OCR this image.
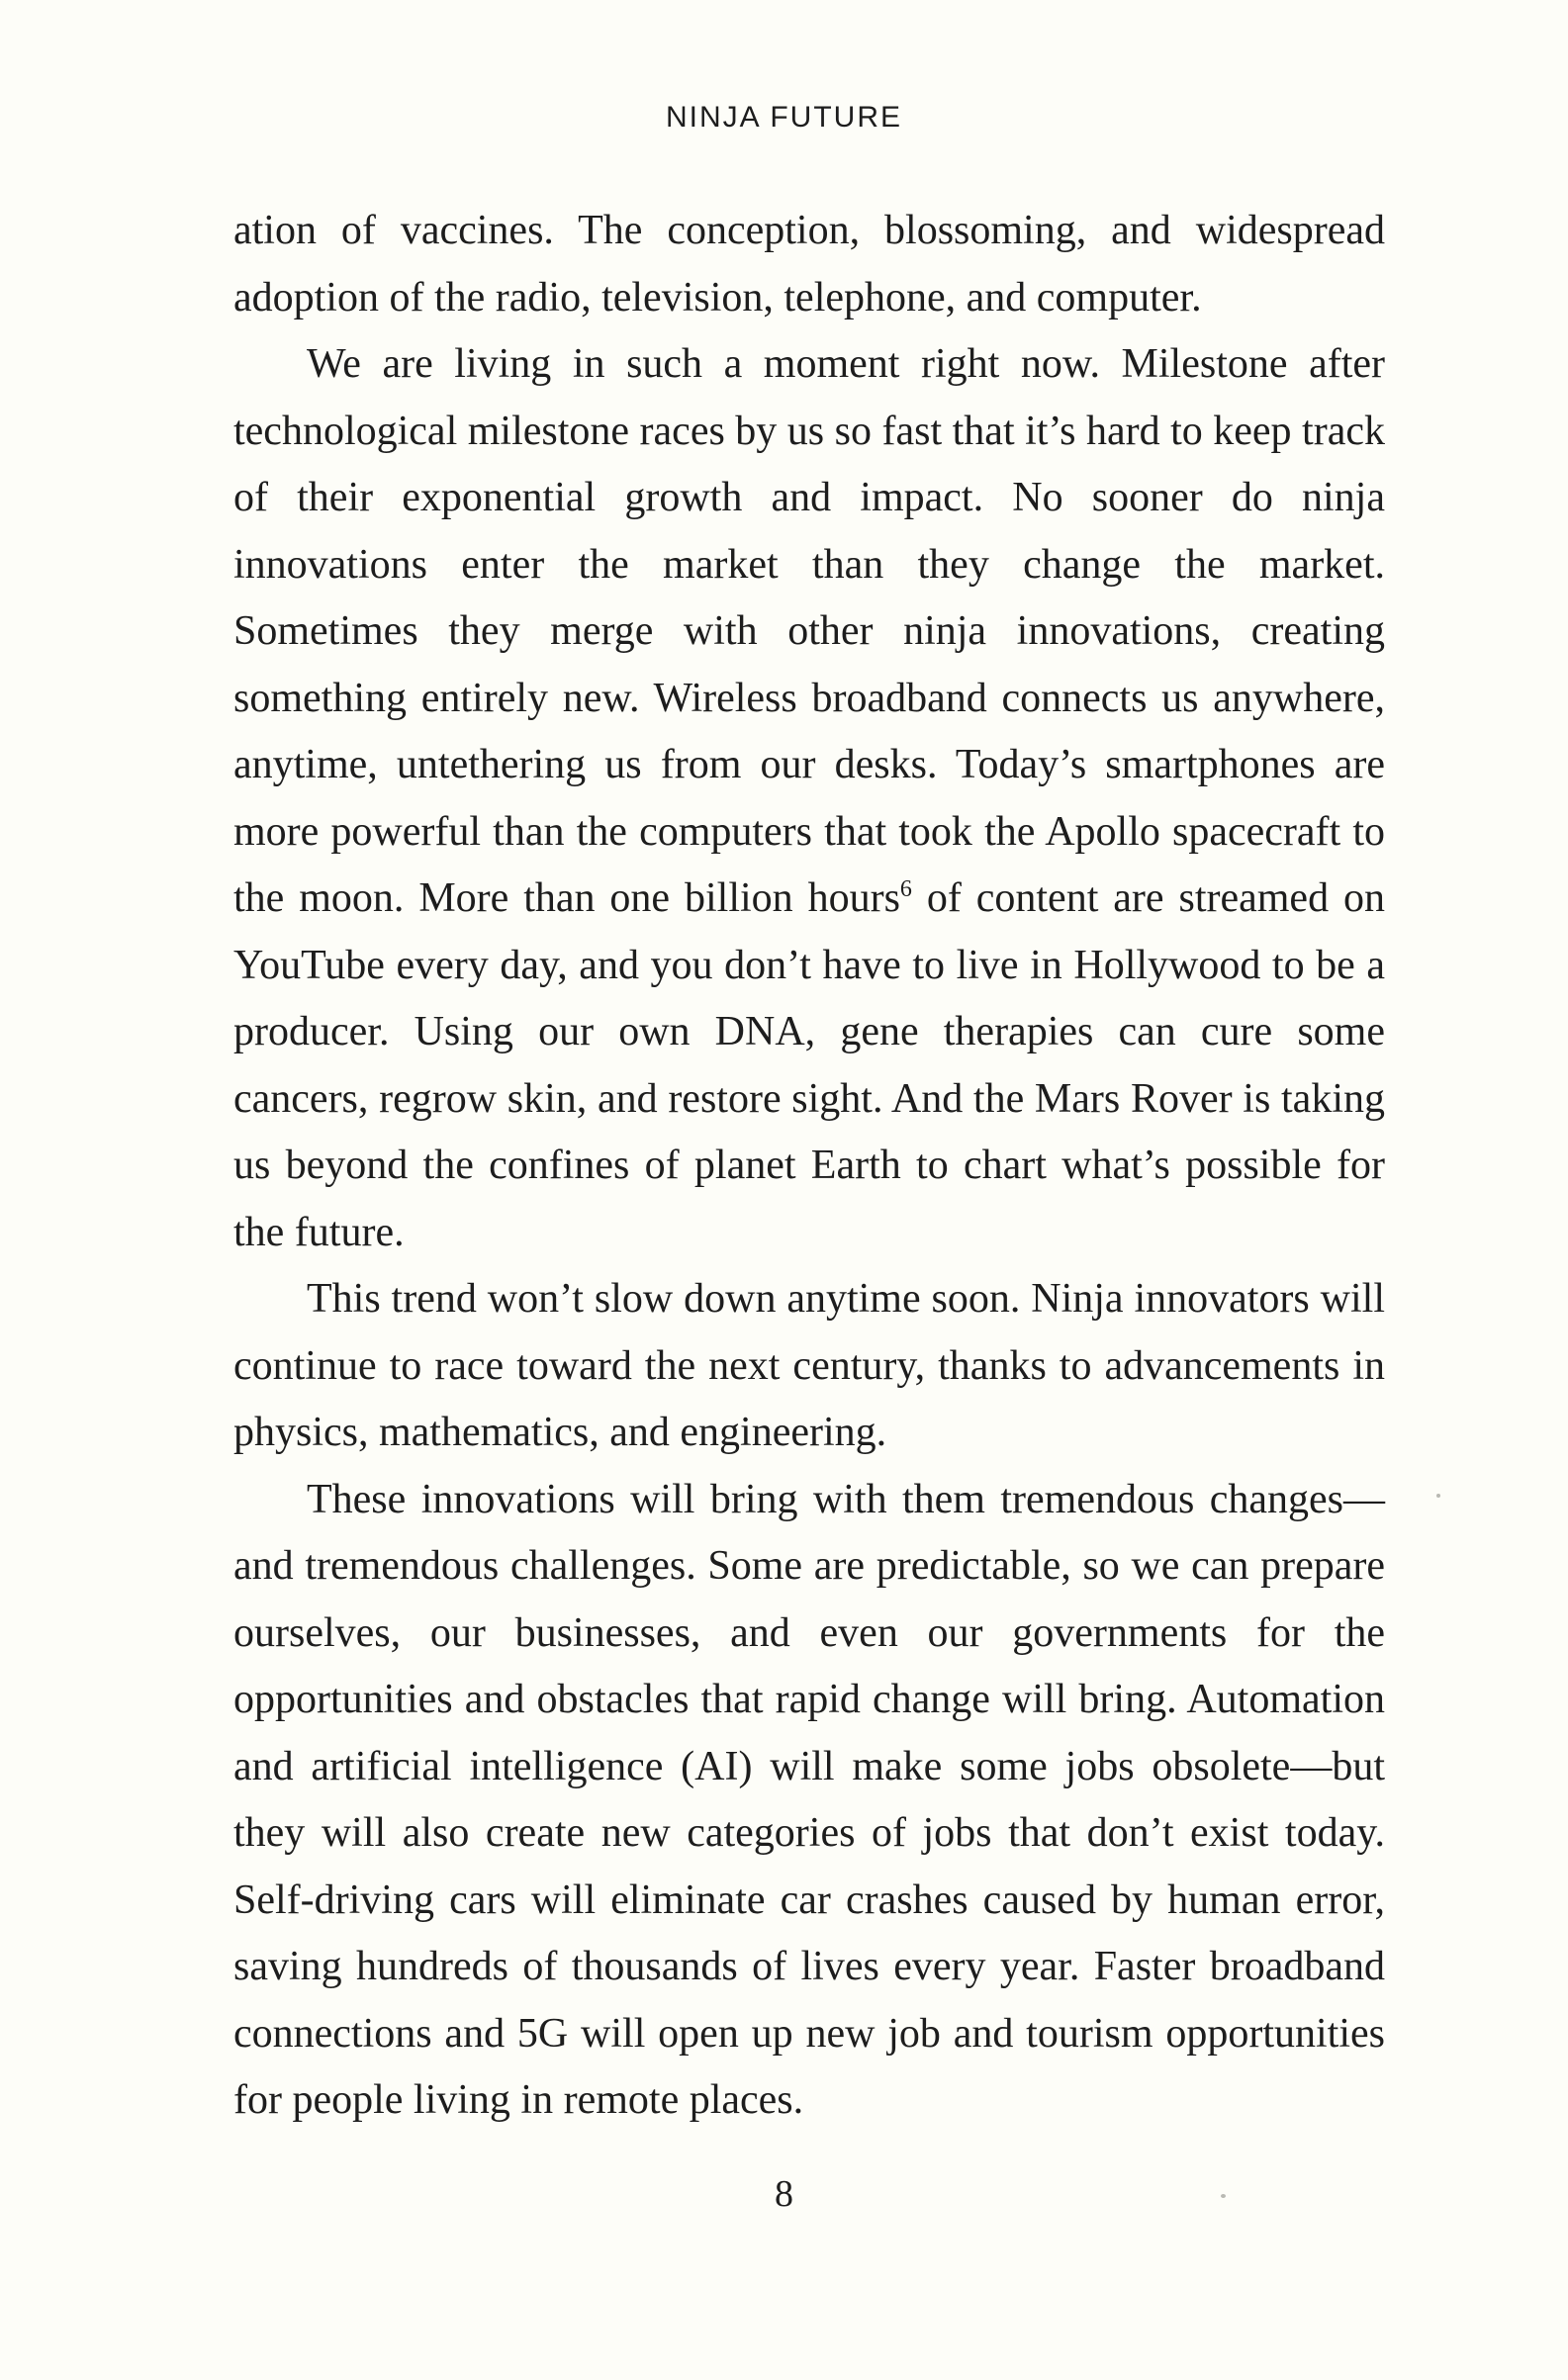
NINJA FUTURE

ation of vaccines. The conception, blossoming, and widespread adoption of the radio, television, telephone, and computer.

We are living in such a moment right now. Milestone after technological milestone races by us so fast that it’s hard to keep track of their exponential growth and impact. No sooner do ninja innovations enter the market than they change the market. Sometimes they merge with other ninja innovations, creating something entirely new. Wireless broadband connects us anywhere, anytime, untethering us from our desks. Today’s smartphones are more powerful than the computers that took the Apollo spacecraft to the moon. More than one billion hours$^6$ of content are streamed on YouTube every day, and you don’t have to live in Hollywood to be a producer. Using our own DNA, gene therapies can cure some cancers, regrow skin, and restore sight. And the Mars Rover is taking us beyond the confines of planet Earth to chart what’s possible for the future.

This trend won’t slow down anytime soon. Ninja innovators will continue to race toward the next century, thanks to advancements in physics, mathematics, and engineering.

These innovations will bring with them tremendous changes—and tremendous challenges. Some are predictable, so we can prepare ourselves, our businesses, and even our governments for the opportunities and obstacles that rapid change will bring. Automation and artificial intelligence (AI) will make some jobs obsolete—but they will also create new categories of jobs that don’t exist today. Self-driving cars will eliminate car crashes caused by human error, saving hundreds of thousands of lives every year. Faster broadband connections and 5G will open up new job and tourism opportunities for people living in remote places.

8
